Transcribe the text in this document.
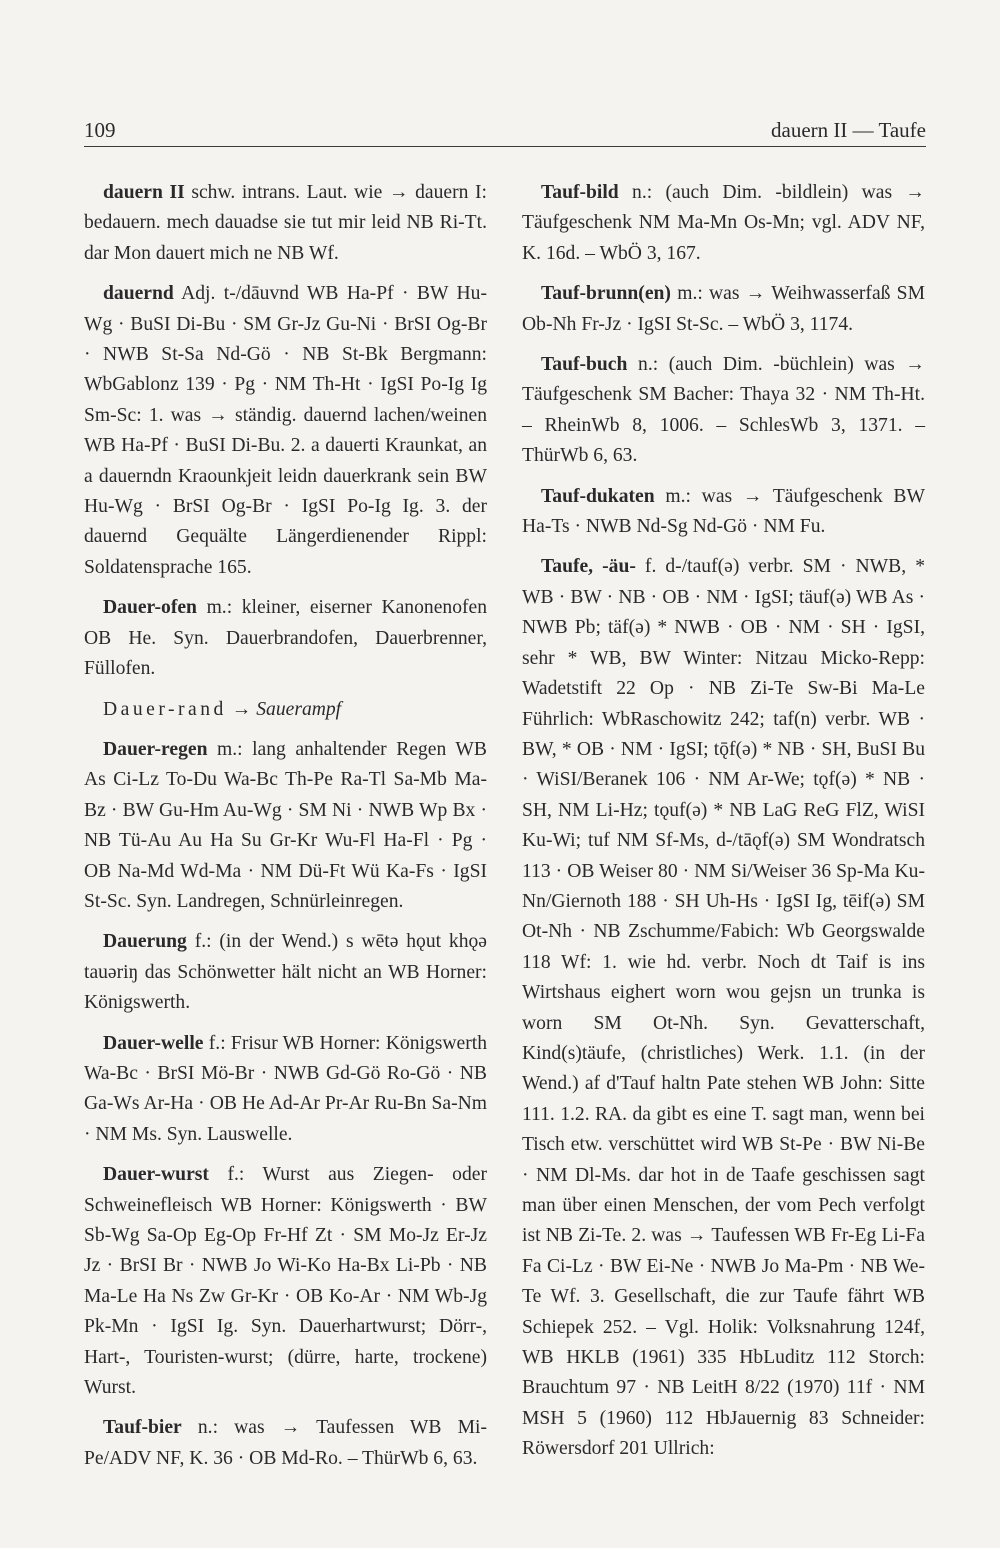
109	dauern II — Taufe

dauern II schw. intrans. Laut. wie → dauern I: bedauern. mech dauadse sie tut mir leid NB Ri-Tt. dar Mon dauert mich ne NB Wf.

dauernd Adj. t-/dāuvnd WB Ha-Pf · BW Hu-Wg · BuSI Di-Bu · SM Gr-Jz Gu-Ni · BrSI Og-Br · NWB St-Sa Nd-Gö · NB St-Bk Bergmann: WbGablonz 139 · Pg · NM Th-Ht · IgSI Po-Ig Ig Sm-Sc: 1. was → ständig. dauernd lachen/weinen WB Ha-Pf · BuSI Di-Bu. 2. a dauerti Kraunkat, an a dauerndn Kraounkjeit leidn dauerkrank sein BW Hu-Wg · BrSI Og-Br · IgSI Po-Ig Ig. 3. der dauernd Gequälte Längerdienender Rippl: Soldatensprache 165.

Dauer-ofen m.: kleiner, eiserner Kanonenofen OB He. Syn. Dauerbrandofen, Dauerbrenner, Füllofen.

Dauer-rand → Sauerampf

Dauer-regen m.: lang anhaltender Regen WB As Ci-Lz To-Du Wa-Bc Th-Pe Ra-Tl Sa-Mb Ma-Bz · BW Gu-Hm Au-Wg · SM Ni · NWB Wp Bx · NB Tü-Au Au Ha Su Gr-Kr Wu-Fl Ha-Fl · Pg · OB Na-Md Wd-Ma · NM Dü-Ft Wü Ka-Fs · IgSI St-Sc. Syn. Landregen, Schnürleinregen.

Dauerung f.: (in der Wend.) s wētə hǫut khǫə tauəriŋ das Schönwetter hält nicht an WB Horner: Königswerth.

Dauer-welle f.: Frisur WB Horner: Königswerth Wa-Bc · BrSI Mö-Br · NWB Gd-Gö Ro-Gö · NB Ga-Ws Ar-Ha · OB He Ad-Ar Pr-Ar Ru-Bn Sa-Nm · NM Ms. Syn. Lauswelle.

Dauer-wurst f.: Wurst aus Ziegen- oder Schweinefleisch WB Horner: Königswerth · BW Sb-Wg Sa-Op Eg-Op Fr-Hf Zt · SM Mo-Jz Er-Jz Jz · BrSI Br · NWB Jo Wi-Ko Ha-Bx Li-Pb · NB Ma-Le Ha Ns Zw Gr-Kr · OB Ko-Ar · NM Wb-Jg Pk-Mn · IgSI Ig. Syn. Dauerhartwurst; Dörr-, Hart-, Touristen-wurst; (dürre, harte, trockene) Wurst.

Tauf-bier n.: was → Taufessen WB Mi-Pe/ADV NF, K. 36 · OB Md-Ro. – ThürWb 6, 63.

Tauf-bild n.: (auch Dim. -bildlein) was → Täufgeschenk NM Ma-Mn Os-Mn; vgl. ADV NF, K. 16d. – WbÖ 3, 167.

Tauf-brunn(en) m.: was → Weihwasserfaß SM Ob-Nh Fr-Jz · IgSI St-Sc. – WbÖ 3, 1174.

Tauf-buch n.: (auch Dim. -büchlein) was → Täufgeschenk SM Bacher: Thaya 32 · NM Th-Ht. – RheinWb 8, 1006. – SchlesWb 3, 1371. – ThürWb 6, 63.

Tauf-dukaten m.: was → Täufgeschenk BW Ha-Ts · NWB Nd-Sg Nd-Gö · NM Fu.

Taufe, -äu- f. d-/tauf(ə) verbr. SM · NWB, * WB · BW · NB · OB · NM · IgSI; täuf(ə) WB As · NWB Pb; täf(ə) * NWB · OB · NM · SH · IgSI, sehr * WB, BW Winter: Nitzau Micko-Repp: Wadetstift 22 Op · NB Zi-Te Sw-Bi Ma-Le Führlich: WbRaschowitz 242; taf(n) verbr. WB · BW, * OB · NM · IgSI; tǭf(ə) * NB · SH, BuSI Bu · WiSI/Beranek 106 · NM Ar-We; tǫf(ə) * NB · SH, NM Li-Hz; tǫuf(ə) * NB LaG ReG FlZ, WiSI Ku-Wi; tuf NM Sf-Ms, d-/tāǫf(ə) SM Wondratsch 113 · OB Weiser 80 · NM Si/Weiser 36 Sp-Ma Ku-Nn/Giernoth 188 · SH Uh-Hs · IgSI Ig, tēif(ə) SM Ot-Nh · NB Zschumme/Fabich: Wb Georgswalde 118 Wf: 1. wie hd. verbr. Noch dt Taif is ins Wirtshaus eighert worn wou gejsn un trunka is worn SM Ot-Nh. Syn. Gevatterschaft, Kind(s)täufe, (christliches) Werk. 1.1. (in der Wend.) af d'Tauf haltn Pate stehen WB John: Sitte 111. 1.2. RA. da gibt es eine T. sagt man, wenn bei Tisch etw. verschüttet wird WB St-Pe · BW Ni-Be · NM Dl-Ms. dar hot in de Taafe geschissen sagt man über einen Menschen, der vom Pech verfolgt ist NB Zi-Te. 2. was → Taufessen WB Fr-Eg Li-Fa Fa Ci-Lz · BW Ei-Ne · NWB Jo Ma-Pm · NB We-Te Wf. 3. Gesellschaft, die zur Taufe fährt WB Schiepek 252. – Vgl. Holik: Volksnahrung 124f, WB HKLB (1961) 335 HbLuditz 112 Storch: Brauchtum 97 · NB LeitH 8/22 (1970) 11f · NM MSH 5 (1960) 112 HbJauernig 83 Schneider: Röwersdorf 201 Ullrich:
